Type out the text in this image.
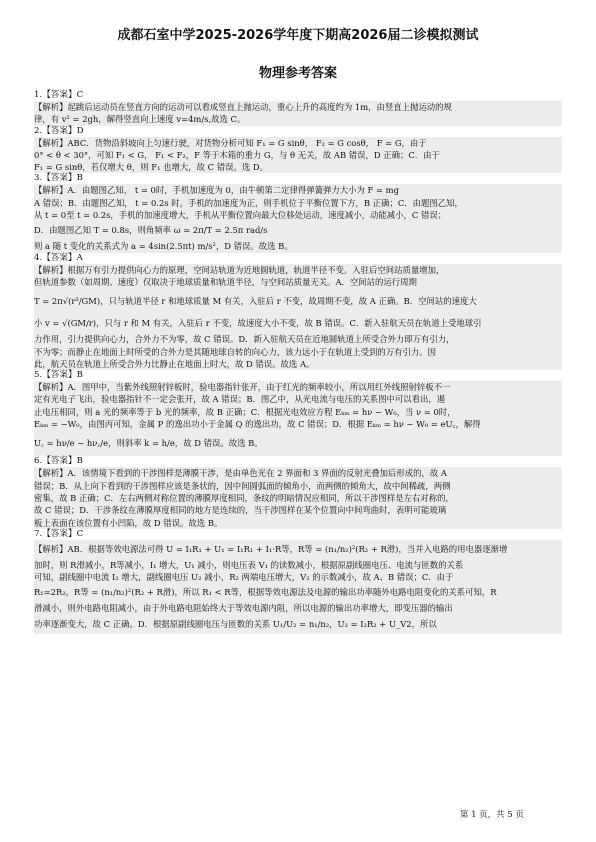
成都石室中学2025-2026学年度下期高2026届二诊模拟测试
物理参考答案
1.【答案】C
【解析】起跳后运动员在竖直方向的运动可以看成竖直上抛运动，重心上升的高度约为 1m，由竖直上抛运动的规
律，有 v² = 2gh，解得竖直向上速度 v=4m/s,故选 C。
2.【答案】D
【解析】ABC．货物沿斜坡向上匀速行驶，对货物分析可知 F₁ = G sinθ， F₂ = G cosθ， F = G，由于
0° < θ < 30°，可知 F₁ < G， F₁ < F₂，F 等于木箱的重力 G，与 θ 无关，故 AB 错误，D 正确；C．由于
F₁ = G sinθ，若仅增大 θ，则 F₁ 也增大，故 C 错误。选 D。
3.【答案】B
【解析】A．由题图乙知， t = 0时，手机加速度为 0，由牛顿第二定律得弹簧弹力大小为 F = mg
A 错误；B．由题图乙知， t = 0.2s 时，手机的加速度为正，则手机位于平衡位置下方，B 正确；C．由题图乙知，
从 t = 0至 t = 0.2s，手机的加速度增大，手机从平衡位置向最大位移处运动，速度减小，动能减小，C 错误；
D．由题图乙知 T = 0.8s，则角频率 ω = 2π/T = 2.5π rad/s
则 a 随 t 变化的关系式为 a = 4sin(2.5πt) m/s²，D 错误。故选 B。
4.【答案】A
【解析】根据万有引力提供向心力的原理，空间站轨道为近地圆轨道，轨道半径不变。入驻后空间站质量增加，
但轨道参数（如周期、速度）仅取决于地球质量和轨道半径，与空间站质量无关。A．空间站的运行周期
T = 2π√(r³/GM)，只与轨道半径 r 和地球质量 M 有关，入驻后 r 不变，故周期不变，故 A 正确。B．空间站的速度大
小 v = √(GM/r)，只与 r 和 M 有关，入驻后 r 不变，故速度大小不变，故 B 错误。C．新入驻航天员在轨道上受地球引
力作用，引力提供向心力，合外力不为零，故 C 错误。D．新入驻航天员在近地圆轨道上所受合外力即万有引力，
不为零；而静止在地面上时所受的合外力是其随地球自转的向心力，该力远小于在轨道上受到的万有引力。因
此，航天员在轨道上所受合外力比静止在地面上时大，故 D 错误。故选 A。
5.【答案】B
【解析】A．图甲中，当紫外线照射锌板时，验电器指针张开，由于红光的频率较小，所以用红外线照射锌板不一
定有光电子飞出，验电器指针不一定会张开，故 A 错误；B．图乙中，从光电流与电压的关系图中可以看出，遏
止电压相同，则 a 光的频率等于 b 光的频率，故 B 正确；C．根据光电效应方程 Eₖₘ = hν − W₀，当 ν = 0时，
Eₖₘ = −W₀，由图丙可知，金属 P 的逸出功小于金属 Q 的逸出功，故 C 错误；D．根据 Eₖₘ = hν − W₀ = eU꜀，解得
U꜀ = hν/e − hν꜀/e，则斜率 k = h/e，故 D 错误。故选 B。
6.【答案】B
【解析】A．该情境下看到的干涉图样是薄膜干涉，是由单色光在 2 界面和 3 界面的反射光叠加后形成的，故 A
错误；B．从上向下看到的干涉图样应该是条状的，因中间圆弧面的倾角小，而两侧的倾角大，故中间稀疏，两侧
密集，故 B 正确；C．左右两侧对称位置的薄膜厚度相同，条纹的明暗情况应相同，所以干涉图样是左右对称的，
故 C 错误；D．干涉条纹在薄膜厚度相同的地方是连续的，当干涉图样在某个位置向中间弯曲时，表明可能玻璃
板上表面在该位置有小凹陷，故 D 错误。故选 B。
7.【答案】C
【解析】AB．根据等效电源法可得 U = I₁R₁ + U₁ = I₁R₁ + I₁·R等，R等 = (n₁/n₂)²(R₂ + R滑)，当并入电路的用电器逐渐增
加时，则 R滑减小，R等减小，I₁ 增大，U₁ 减小，则电压表 V₁ 的读数减小，根据原副线圈电压、电流与匝数的关系
可知，副线圈中电流 I₂ 增大，副线圈电压 U₂ 减小，R₂ 两端电压增大，V₂ 的示数减小，故 A、B 错误；C．由于
R₁=2R₂，R等 = (n₁/n₂)²(R₂ + R滑)，所以 R₁ < R等，根据等效电源法及电源的输出功率随外电路电阻变化的关系可知，R
滑减小，则外电路电阻减小，由于外电路电阻始终大于等效电源内阻，所以电源的输出功率增大，即变压器的输出
功率逐渐变大，故 C 正确。D．根据原副线圈电压与匝数的关系 U₁/U₂ = n₁/n₂，U₂ = I₂R₂ + U_V2，所以
第 1 页，共 5 页
